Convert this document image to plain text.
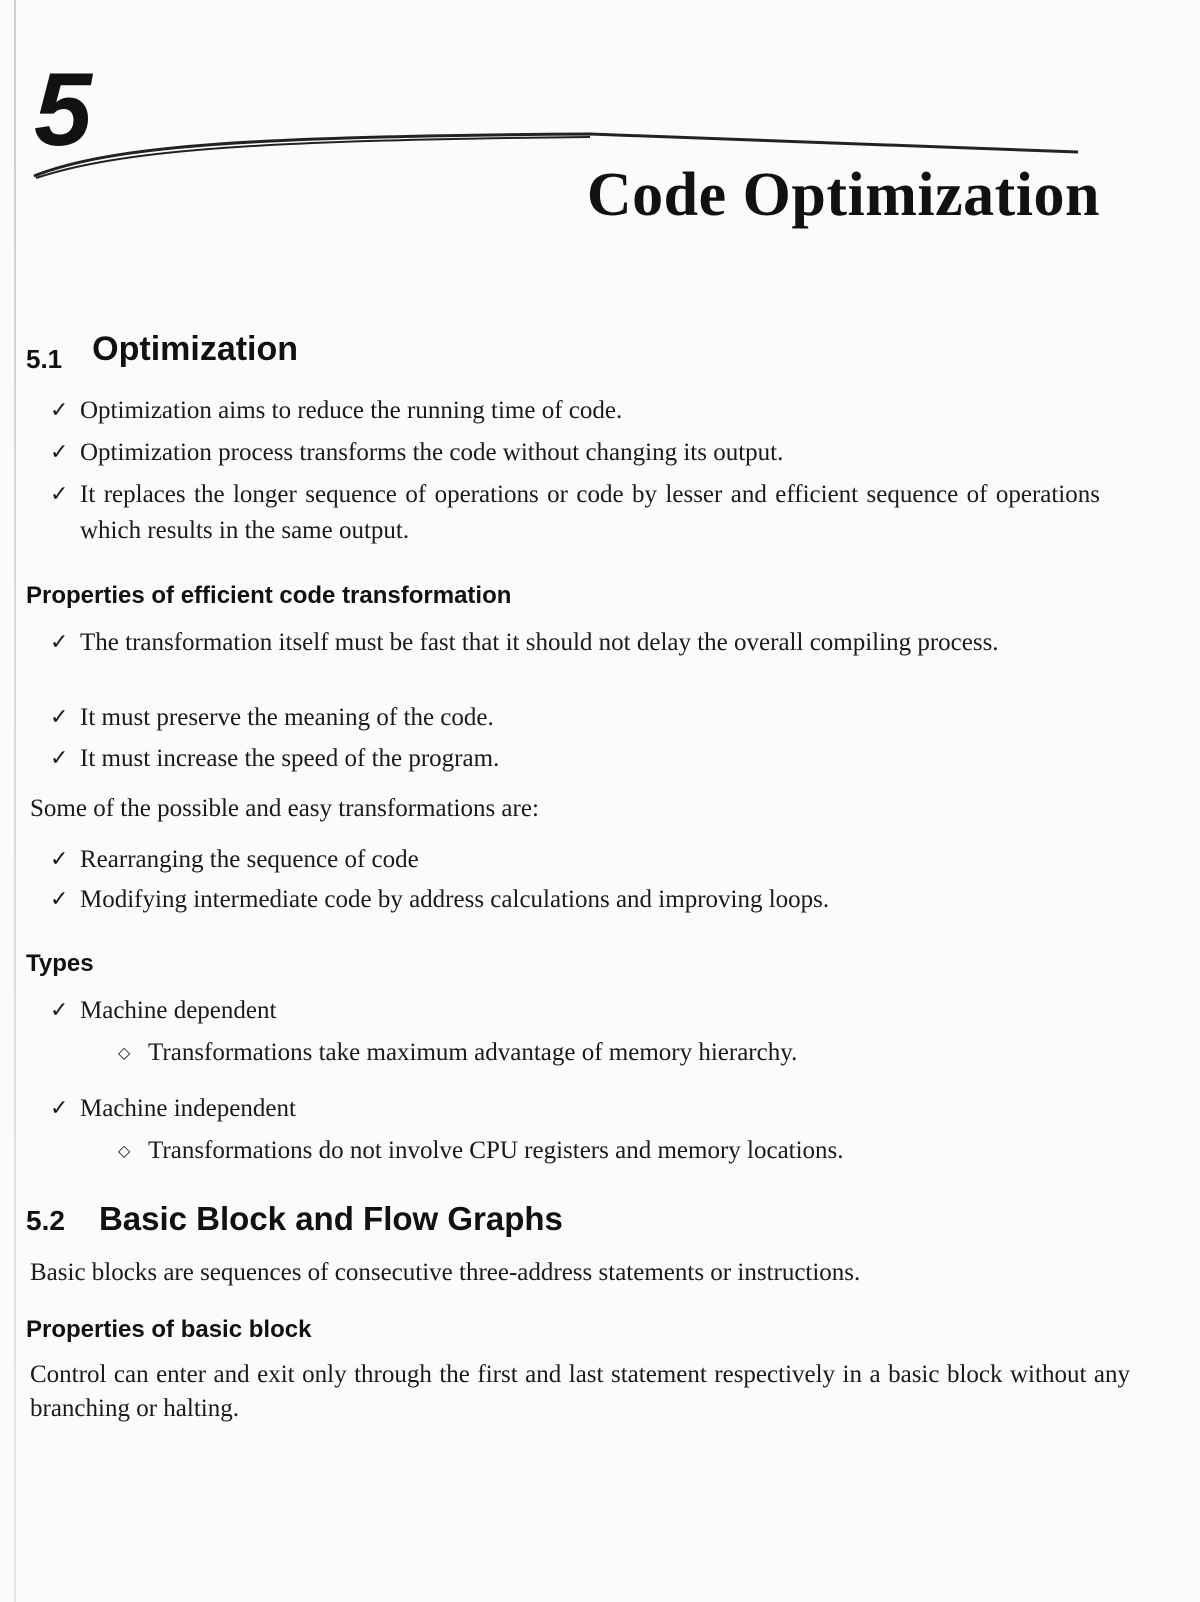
5
Code Optimization
5.1 Optimization
✓ Optimization aims to reduce the running time of code.
✓ Optimization process transforms the code without changing its output.
✓ It replaces the longer sequence of operations or code by lesser and efficient sequence of operations which results in the same output.
Properties of efficient code transformation
✓ The transformation itself must be fast that it should not delay the overall compiling process.
✓ It must preserve the meaning of the code.
✓ It must increase the speed of the program.
Some of the possible and easy transformations are:
✓ Rearranging the sequence of code
✓ Modifying intermediate code by address calculations and improving loops.
Types
✓ Machine dependent
◇ Transformations take maximum advantage of memory hierarchy.
✓ Machine independent
◇ Transformations do not involve CPU registers and memory locations.
5.2 Basic Block and Flow Graphs
Basic blocks are sequences of consecutive three-address statements or instructions.
Properties of basic block
Control can enter and exit only through the first and last statement respectively in a basic block without any branching or halting.
